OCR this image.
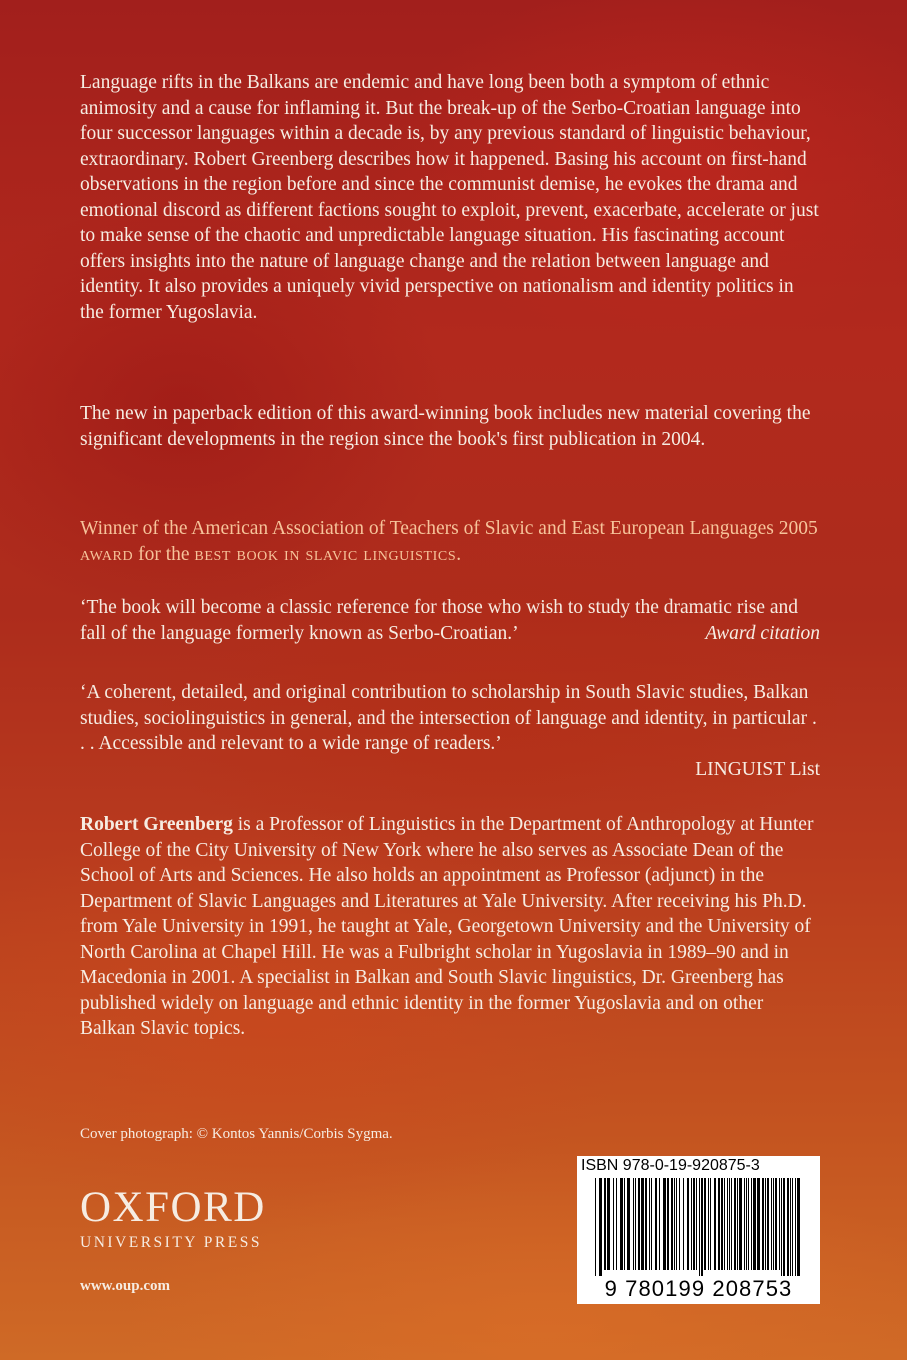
Language rifts in the Balkans are endemic and have long been both a symptom of ethnic animosity and a cause for inflaming it. But the break-up of the Serbo-Croatian language into four successor languages within a decade is, by any previous standard of linguistic behaviour, extraordinary. Robert Greenberg describes how it happened. Basing his account on first-hand observations in the region before and since the communist demise, he evokes the drama and emotional discord as different factions sought to exploit, prevent, exacerbate, accelerate or just to make sense of the chaotic and unpredictable language situation. His fascinating account offers insights into the nature of language change and the relation between language and identity. It also provides a uniquely vivid perspective on nationalism and identity politics in the former Yugoslavia.

The new in paperback edition of this award-winning book includes new material covering the significant developments in the region since the book's first publication in 2004.

Winner of the American Association of Teachers of Slavic and East European Languages 2005 award for the best book in slavic linguistics.

‘The book will become a classic reference for those who wish to study the dramatic rise and fall of the language formerly known as Serbo-Croatian.’	Award citation

‘A coherent, detailed, and original contribution to scholarship in South Slavic studies, Balkan studies, sociolinguistics in general, and the intersection of language and identity, in particular . . . Accessible and relevant to a wide range of readers.’

LINGUIST List

Robert Greenberg is a Professor of Linguistics in the Department of Anthropology at Hunter College of the City University of New York where he also serves as Associate Dean of the School of Arts and Sciences. He also holds an appointment as Professor (adjunct) in the Department of Slavic Languages and Literatures at Yale University. After receiving his Ph.D. from Yale University in 1991, he taught at Yale, Georgetown University and the University of North Carolina at Chapel Hill. He was a Fulbright scholar in Yugoslavia in 1989–90 and in Macedonia in 2001. A specialist in Balkan and South Slavic linguistics, Dr. Greenberg has published widely on language and ethnic identity in the former Yugoslavia and on other Balkan Slavic topics.

Cover photograph: © Kontos Yannis/Corbis Sygma.
OXFORD
UNIVERSITY PRESS
www.oup.com
ISBN 978-0-19-920875-3
9 780199 208753
